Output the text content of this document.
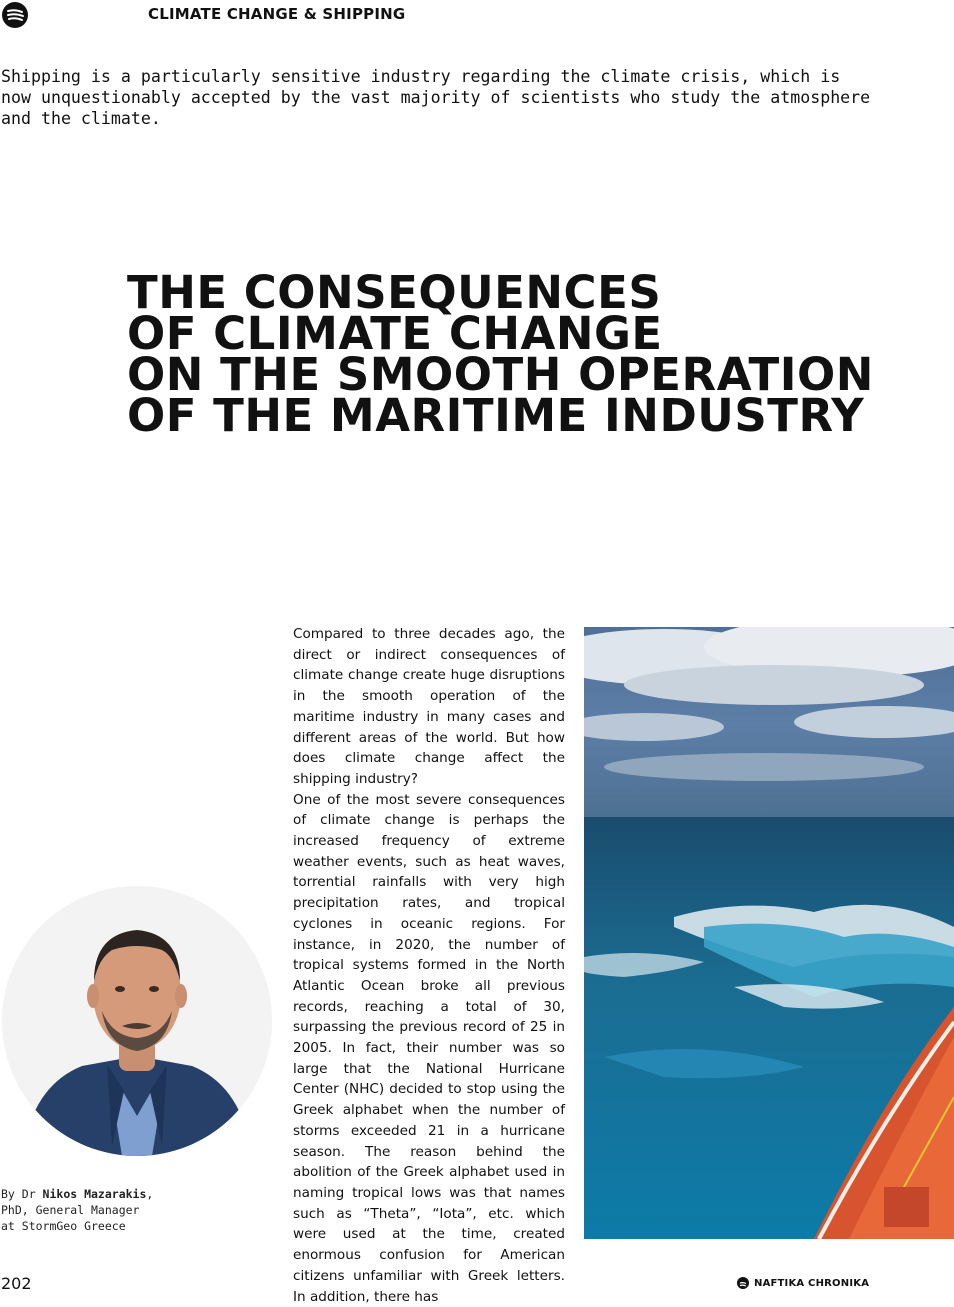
CLIMATE CHANGE & SHIPPING

Shipping is a particularly sensitive industry regarding the climate crisis, which is
now unquestionably accepted by the vast majority of scientists who study the atmosphere
and the climate.

THE CONSEQUENCES
OF CLIMATE CHANGE
ON THE SMOOTH OPERATION
OF THE MARITIME INDUSTRY

By Dr Nikos Mazarakis,
PhD, General Manager
at StormGeo Greece

Compared to three decades ago, the direct or indirect consequences of climate change create huge disruptions in the smooth operation of the maritime industry in many cases and different areas of the world. But how does climate change affect the shipping industry?

One of the most severe consequences of climate change is perhaps the increased frequency of extreme weather events, such as heat waves, torrential rainfalls with very high precipitation rates, and tropical cyclones in oceanic regions. For instance, in 2020, the number of tropical systems formed in the North Atlantic Ocean broke all previous records, reaching a total of 30, surpassing the previous record of 25 in 2005. In fact, their number was so large that the National Hurricane Center (NHC) decided to stop using the Greek alphabet when the number of storms exceeded 21 in a hurricane season. The reason behind the abolition of the Greek alphabet used in naming tropical lows was that names such as “Theta”, “Iota”, etc. which were used at the time, created enormous confusion for American citizens unfamiliar with Greek letters. In addition, there has

202	NAFTIKA CHRONIKA
